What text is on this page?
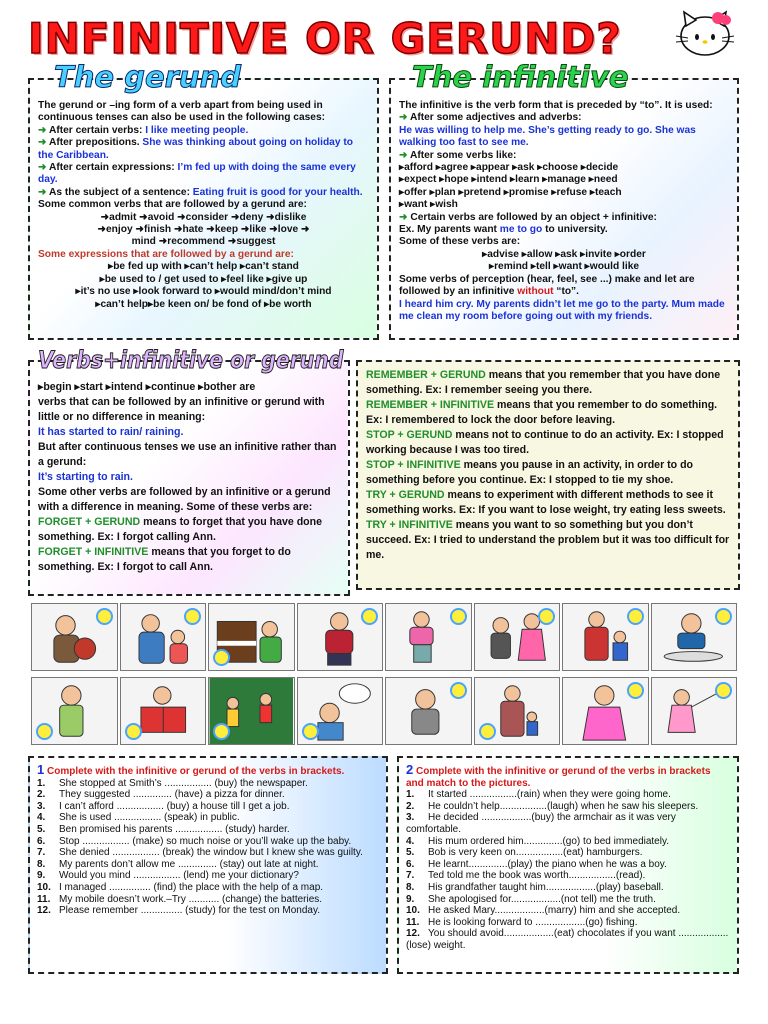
INFINITIVE OR GERUND?
The gerund or –ing form of a verb apart from being used in continuous tenses can also be used in the following cases:
➜ After certain verbs: I like meeting people.
➜ After prepositions. She was thinking about going on holiday to the Caribbean.
➜ After certain expressions: I’m fed up with doing the same every day.
➜ As the subject of a sentence: Eating fruit is good for your health.
Some common verbs that are followed by a gerund are:
➜admit ➜avoid ➜consider ➜deny ➜dislike
➜enjoy ➜finish ➜hate ➜keep ➜like ➜love ➜
mind ➜recommend ➜suggest
Some expressions that are followed by a gerund are:
▸be fed up with ▸can’t help ▸can’t stand
▸be used to / get used to ▸feel like ▸give up
▸it’s no use ▸look forward to ▸would mind/don’t mind
▸can’t help▸be keen on/ be fond of ▸be worth
The gerund
The infinitive is the verb form that is preceded by “to”. It is used:
➜ After some adjectives and adverbs:
He was willing to help me. She’s getting ready to go. She was walking too fast to see me.
➜ After some verbs like:
▸afford ▸agree ▸appear ▸ask ▸choose ▸decide
▸expect ▸hope ▸intend ▸learn ▸manage ▸need
▸offer ▸plan ▸pretend ▸promise ▸refuse ▸teach
▸want ▸wish
➜ Certain verbs are followed by an object + infinitive:
Ex. My parents want me to go to university.
Some of these verbs are:
▸advise ▸allow ▸ask ▸invite ▸order
▸remind ▸tell ▸want ▸would like
Some verbs of perception (hear, feel, see ...) make and let are followed by an infinitive without “to”.
I heard him cry. My parents didn’t let me go to the party. Mum made me clean my room before going out with my friends.
The infinitive
▸begin ▸start ▸intend ▸continue ▸bother are
verbs that can be followed by an infinitive or gerund with little or no difference in meaning:
It has started to rain/ raining.
But after continuous tenses we use an infinitive rather than a gerund:
It’s starting to rain.
Some other verbs are followed by an infinitive or a gerund with a difference in meaning. Some of these verbs are:
FORGET + GERUND means to forget that you have done something. Ex: I forgot calling Ann.
FORGET + INFINITIVE means that you forget to do something. Ex: I forgot to call Ann.
Verbs+infinitive or gerund
REMEMBER + GERUND means that you remember that you have done something. Ex: I remember seeing you there.
REMEMBER + INFINITIVE means that you remember to do something. Ex: I remembered to lock the door before leaving.
STOP + GERUND means not to continue to do an activity. Ex: I stopped working because I was too tired.
STOP + INFINITIVE means you pause in an activity, in order to do something before you continue. Ex: I stopped to tie my shoe.
TRY + GERUND means to experiment with different methods to see it something works. Ex: If you want to lose weight, try eating less sweets.
TRY + INFINITIVE means you want to so something but you don’t succeed. Ex: I tried to understand the problem but it was too difficult for me.
1 Complete with the infinitive or gerund of the verbs in brackets.
1. She stopped at Smith’s ................. (buy) the newspaper.
2. They suggested .............. (have) a pizza for dinner.
3. I can’t afford ................. (buy) a house till I get a job.
4. She is used ................. (speak) in public.
5. Ben promised his parents ................. (study) harder.
6. Stop ................. (make) so much noise or you’ll wake up the baby.
7. She denied ................. (break) the window but I knew she was guilty.
8. My parents don’t allow me .............. (stay) out late at night.
9. Would you mind ................. (lend) me your dictionary?
10. I managed ............... (find) the place with the help of a map.
11. My mobile doesn’t work.–Try ........... (change) the batteries.
12. Please remember ............... (study) for the test on Monday.
2 Complete with the infinitive or gerund of the verbs in brackets and match to the pictures.
1. It started .................(rain) when they were going home.
2. He couldn’t help.................(laugh) when he saw his sleepers.
3. He decided ..................(buy) the armchair as it was very comfortable.
4. His mum ordered him..............(go) to bed immediately.
5. Bob is very keen on.................(eat) hamburgers.
6. He learnt..............(play) the piano when he was a boy.
7. Ted told me the book was worth.................(read).
8. His grandfather taught him..................(play) baseball.
9. She apologised for..................(not tell) me the truth.
10. He asked Mary..................(marry) him and she accepted.
11. He is looking forward to ..................(go) fishing.
12. You should avoid..................(eat) chocolates if you want ..................(lose) weight.
